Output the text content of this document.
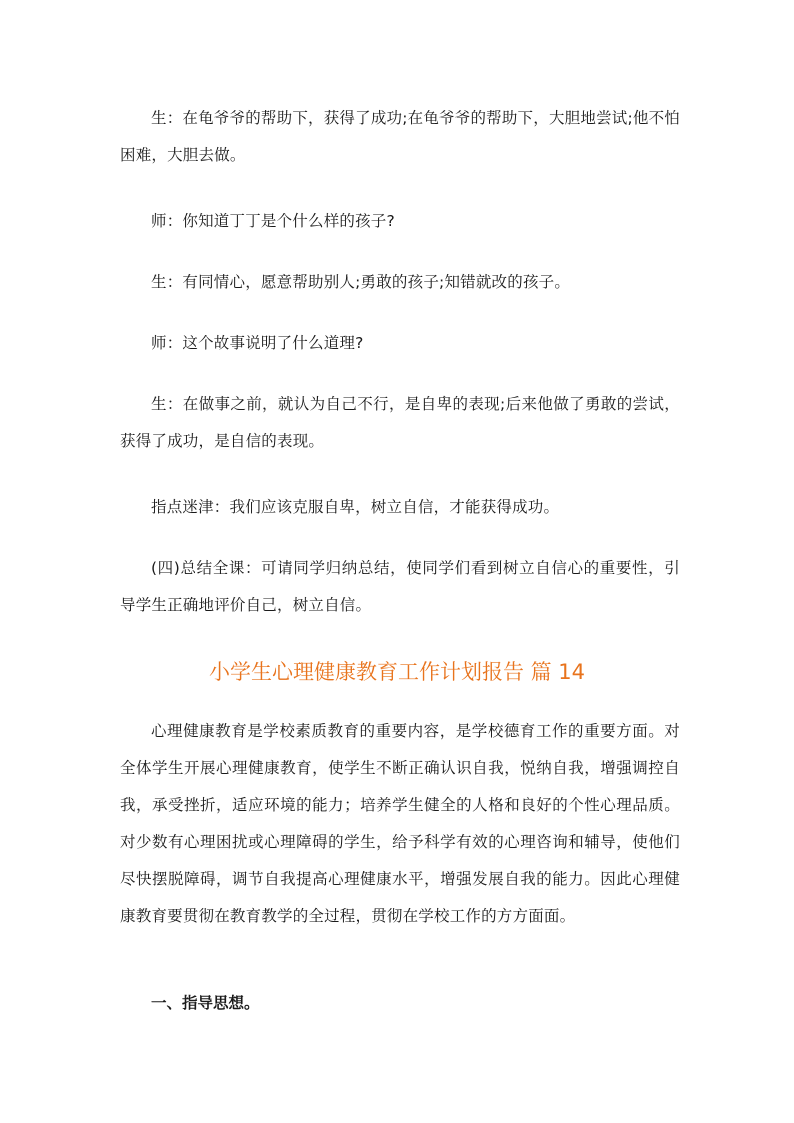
生：在龟爷爷的帮助下，获得了成功;在龟爷爷的帮助下，大胆地尝试;他不怕困难，大胆去做。

师：你知道丁丁是个什么样的孩子?

生：有同情心，愿意帮助别人;勇敢的孩子;知错就改的孩子。

师：这个故事说明了什么道理?

生：在做事之前，就认为自己不行，是自卑的表现;后来他做了勇敢的尝试，获得了成功，是自信的表现。

指点迷津：我们应该克服自卑，树立自信，才能获得成功。

(四)总结全课：可请同学归纳总结，使同学们看到树立自信心的重要性，引导学生正确地评价自己，树立自信。

小学生心理健康教育工作计划报告 篇 14

心理健康教育是学校素质教育的重要内容，是学校德育工作的重要方面。对全体学生开展心理健康教育，使学生不断正确认识自我，悦纳自我，增强调控自我，承受挫折，适应环境的能力；培养学生健全的人格和良好的个性心理品质。对少数有心理困扰或心理障碍的学生，给予科学有效的心理咨询和辅导，使他们尽快摆脱障碍，调节自我提高心理健康水平，增强发展自我的能力。因此心理健康教育要贯彻在教育教学的全过程，贯彻在学校工作的方方面面。

一、指导思想。
